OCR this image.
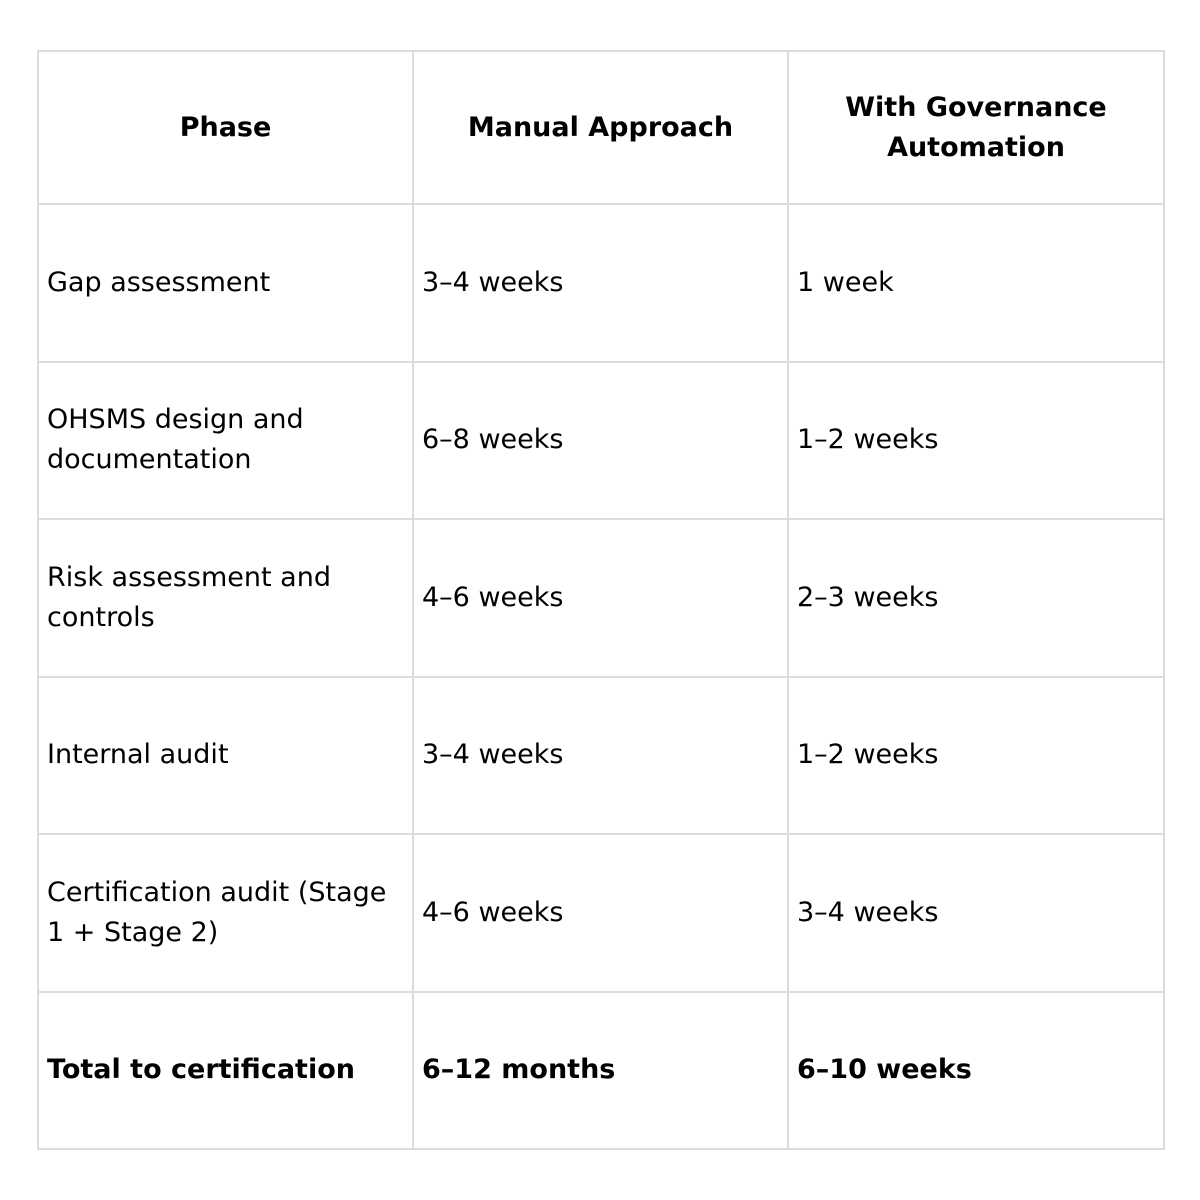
Phase	Manual Approach	With Governance Automation
Gap assessment	3–4 weeks	1 week
OHSMS design and documentation	6–8 weeks	1–2 weeks
Risk assessment and controls	4–6 weeks	2–3 weeks
Internal audit	3–4 weeks	1–2 weeks
Certification audit (Stage 1 + Stage 2)	4–6 weeks	3–4 weeks
Total to certification	6–12 months	6–10 weeks
